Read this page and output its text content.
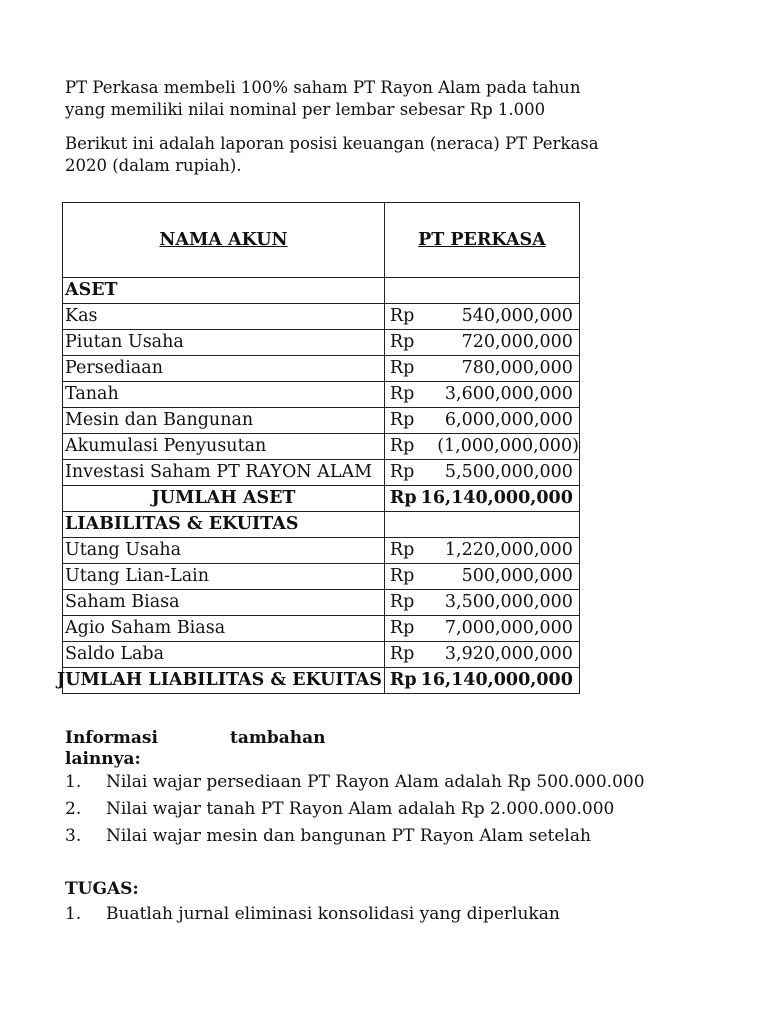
PT Perkasa membeli 100% saham PT Rayon Alam pada tahun
yang memiliki nilai nominal per lembar sebesar Rp 1.000
Berikut ini adalah laporan posisi keuangan (neraca) PT Perkasa
2020 (dalam rupiah).
NAMA AKUN	PT PERKASA	
ASET		
Kas	Rp	540,000,000
Piutan Usaha	Rp	720,000,000
Persediaan	Rp	780,000,000
Tanah	Rp	3,600,000,000
Mesin dan Bangunan	Rp	6,000,000,000
Akumulasi Penyusutan	Rp	(1,000,000,000)
Investasi Saham PT RAYON ALAM	Rp	5,500,000,000
JUMLAH ASET	Rp	16,140,000,000
LIABILITAS & EKUITAS		
Utang Usaha	Rp	1,220,000,000
Utang Lian-Lain	Rp	500,000,000
Saham Biasa	Rp	3,500,000,000
Agio Saham Biasa	Rp	7,000,000,000
Saldo Laba	Rp	3,920,000,000
JUMLAH LIABILITAS & EKUITAS	Rp	16,140,000,000
Informasi	tambahan
lainnya:
1. Nilai wajar persediaan PT Rayon Alam adalah Rp 500.000.000
2. Nilai wajar tanah PT Rayon Alam adalah Rp 2.000.000.000
3. Nilai wajar mesin dan bangunan PT Rayon Alam setelah
TUGAS:
1. Buatlah jurnal eliminasi konsolidasi yang diperlukan
